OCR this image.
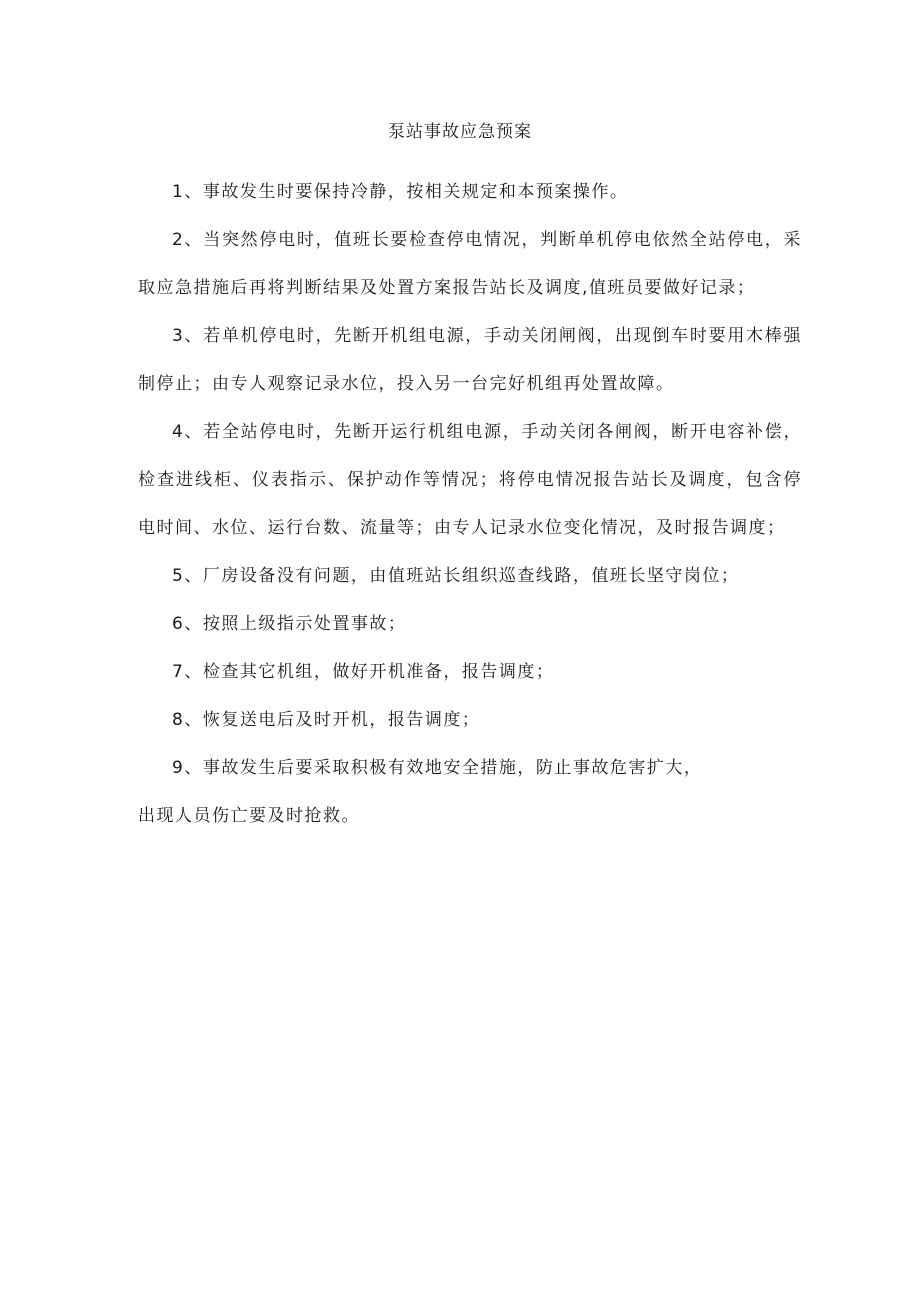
泵站事故应急预案

1、事故发生时要保持冷静，按相关规定和本预案操作。

2、当突然停电时，值班长要检查停电情况，判断单机停电依然全站停电，采取应急措施后再将判断结果及处置方案报告站长及调度,值班员要做好记录；

3、若单机停电时，先断开机组电源，手动关闭闸阀，出现倒车时要用木棒强制停止；由专人观察记录水位，投入另一台完好机组再处置故障。

4、若全站停电时，先断开运行机组电源，手动关闭各闸阀，断开电容补偿，检查进线柜、仪表指示、保护动作等情况；将停电情况报告站长及调度，包含停电时间、水位、运行台数、流量等；由专人记录水位变化情况，及时报告调度；

5、厂房设备没有问题，由值班站长组织巡查线路，值班长坚守岗位；

6、按照上级指示处置事故；

7、检查其它机组，做好开机准备，报告调度；

8、恢复送电后及时开机，报告调度；

9、事故发生后要采取积极有效地安全措施，防止事故危害扩大，

出现人员伤亡要及时抢救。
